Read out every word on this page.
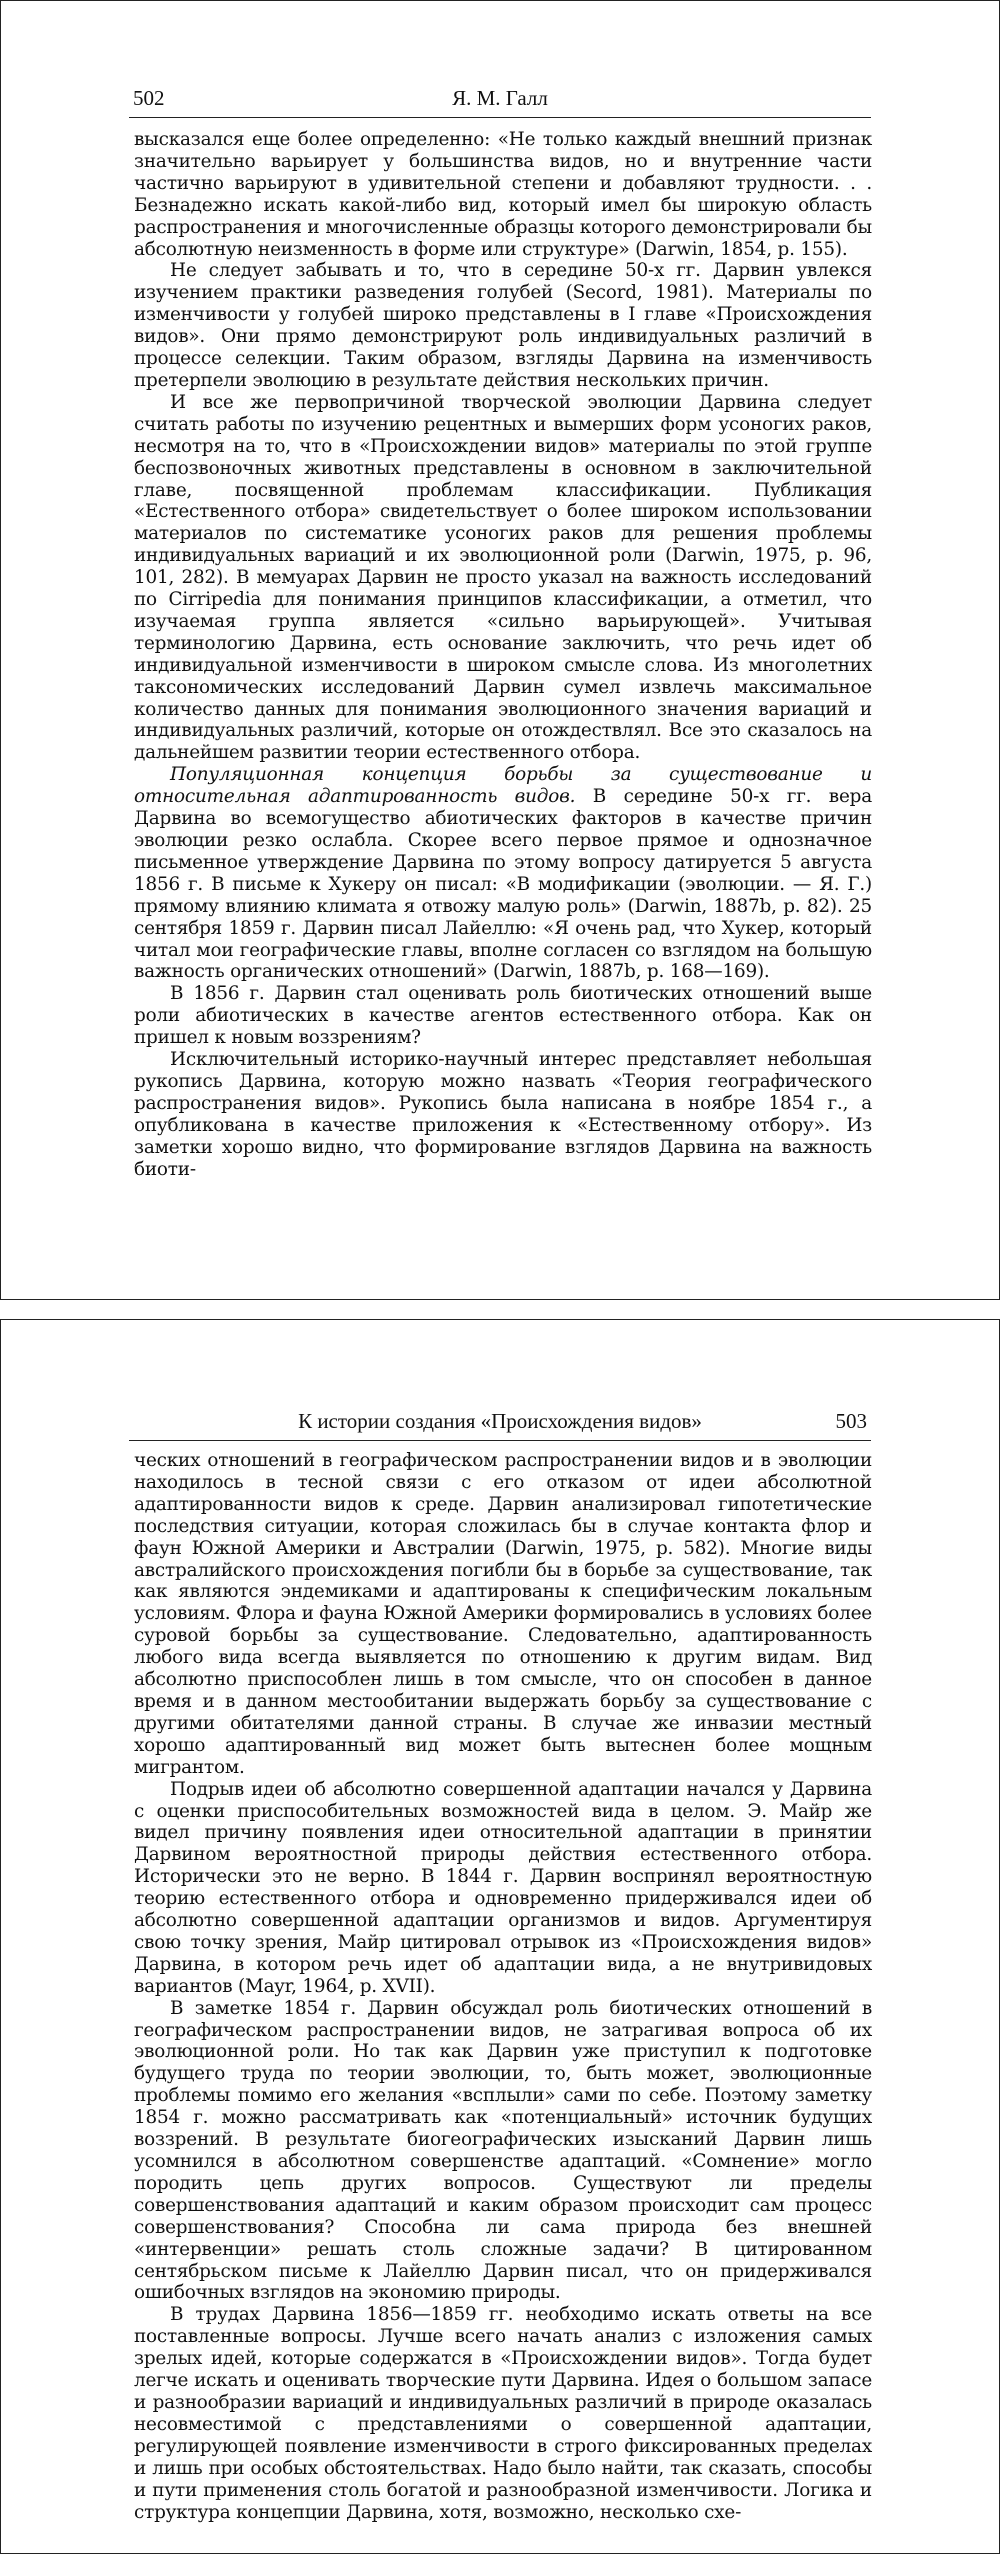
502	Я. М. Галл

высказался еще более определенно: «Не только каждый внешний признак значительно варьирует у большинства видов, но и внутренние части частично варьируют в удивительной степени и добавляют трудности. . . Безнадежно искать какой-либо вид, который имел бы широкую область распространения и многочисленные образцы которого демонстрировали бы абсолютную неизменность в форме или структуре» (Darwin, 1854, p. 155).

Не следует забывать и то, что в середине 50-х гг. Дарвин увлекся изучением практики разведения голубей (Secord, 1981). Материалы по изменчивости у голубей широко представлены в I главе «Происхождения видов». Они прямо демонстрируют роль индивидуальных различий в процессе селекции. Таким образом, взгляды Дарвина на изменчивость претерпели эволюцию в результате действия нескольких причин.

И все же первопричиной творческой эволюции Дарвина следует считать работы по изучению рецентных и вымерших форм усоногих раков, несмотря на то, что в «Происхождении видов» материалы по этой группе беспозвоночных животных представлены в основном в заключительной главе, посвященной проблемам классификации. Публикация «Естественного отбора» свидетельствует о более широком использовании материалов по систематике усоногих раков для решения проблемы индивидуальных вариаций и их эволюционной роли (Darwin, 1975, p. 96, 101, 282). В мемуарах Дарвин не просто указал на важность исследований по Cirripedia для понимания принципов классификации, а отметил, что изучаемая группа является «сильно варьирующей». Учитывая терминологию Дарвина, есть основание заключить, что речь идет об индивидуальной изменчивости в широком смысле слова. Из многолетних таксономических исследований Дарвин сумел извлечь максимальное количество данных для понимания эволюционного значения вариаций и индивидуальных различий, которые он отождествлял. Все это сказалось на дальнейшем развитии теории естественного отбора.

Популяционная концепция борьбы за существование и относительная адаптированность видов. В середине 50-х гг. вера Дарвина во всемогущество абиотических факторов в качестве причин эволюции резко ослабла. Скорее всего первое прямое и однозначное письменное утверждение Дарвина по этому вопросу датируется 5 августа 1856 г. В письме к Хукеру он писал: «В модификации (эволюции. — Я. Г.) прямому влиянию климата я отвожу малую роль» (Darwin, 1887b, p. 82). 25 сентября 1859 г. Дарвин писал Лайеллю: «Я очень рад, что Хукер, который читал мои географические главы, вполне согласен со взглядом на большую важность органических отношений» (Darwin, 1887b, p. 168—169).

В 1856 г. Дарвин стал оценивать роль биотических отношений выше роли абиотических в качестве агентов естественного отбора. Как он пришел к новым воззрениям?

Исключительный историко-научный интерес представляет небольшая рукопись Дарвина, которую можно назвать «Теория географического распространения видов». Рукопись была написана в ноябре 1854 г., а опубликована в качестве приложения к «Естественному отбору». Из заметки хорошо видно, что формирование взглядов Дарвина на важность биоти-

К истории создания «Происхождения видов»	503

ческих отношений в географическом распространении видов и в эволюции находилось в тесной связи с его отказом от идеи абсолютной адаптированности видов к среде. Дарвин анализировал гипотетические последствия ситуации, которая сложилась бы в случае контакта флор и фаун Южной Америки и Австралии (Darwin, 1975, p. 582). Многие виды австралийского происхождения погибли бы в борьбе за существование, так как являются эндемиками и адаптированы к специфическим локальным условиям. Флора и фауна Южной Америки формировались в условиях более суровой борьбы за существование. Следовательно, адаптированность любого вида всегда выявляется по отношению к другим видам. Вид абсолютно приспособлен лишь в том смысле, что он способен в данное время и в данном местообитании выдержать борьбу за существование с другими обитателями данной страны. В случае же инвазии местный хорошо адаптированный вид может быть вытеснен более мощным мигрантом.

Подрыв идеи об абсолютно совершенной адаптации начался у Дарвина с оценки приспособительных возможностей вида в целом. Э. Майр же видел причину появления идеи относительной адаптации в принятии Дарвином вероятностной природы действия естественного отбора. Исторически это не верно. В 1844 г. Дарвин воспринял вероятностную теорию естественного отбора и одновременно придерживался идеи об абсолютно совершенной адаптации организмов и видов. Аргументируя свою точку зрения, Майр цитировал отрывок из «Происхождения видов» Дарвина, в котором речь идет об адаптации вида, а не внутривидовых вариантов (Mayr, 1964, p. XVII).

В заметке 1854 г. Дарвин обсуждал роль биотических отношений в географическом распространении видов, не затрагивая вопроса об их эволюционной роли. Но так как Дарвин уже приступил к подготовке будущего труда по теории эволюции, то, быть может, эволюционные проблемы помимо его желания «всплыли» сами по себе. Поэтому заметку 1854 г. можно рассматривать как «потенциальный» источник будущих воззрений. В результате биогеографических изысканий Дарвин лишь усомнился в абсолютном совершенстве адаптаций. «Сомнение» могло породить цепь других вопросов. Существуют ли пределы совершенствования адаптаций и каким образом происходит сам процесс совершенствования? Способна ли сама природа без внешней «интервенции» решать столь сложные задачи? В цитированном сентябрьском письме к Лайеллю Дарвин писал, что он придерживался ошибочных взглядов на экономию природы.

В трудах Дарвина 1856—1859 гг. необходимо искать ответы на все поставленные вопросы. Лучше всего начать анализ с изложения самых зрелых идей, которые содержатся в «Происхождении видов». Тогда будет легче искать и оценивать творческие пути Дарвина. Идея о большом запасе и разнообразии вариаций и индивидуальных различий в природе оказалась несовместимой с представлениями о совершенной адаптации, регулирующей появление изменчивости в строго фиксированных пределах и лишь при особых обстоятельствах. Надо было найти, так сказать, способы и пути применения столь богатой и разнообразной изменчивости. Логика и структура концепции Дарвина, хотя, возможно, несколько схе-
